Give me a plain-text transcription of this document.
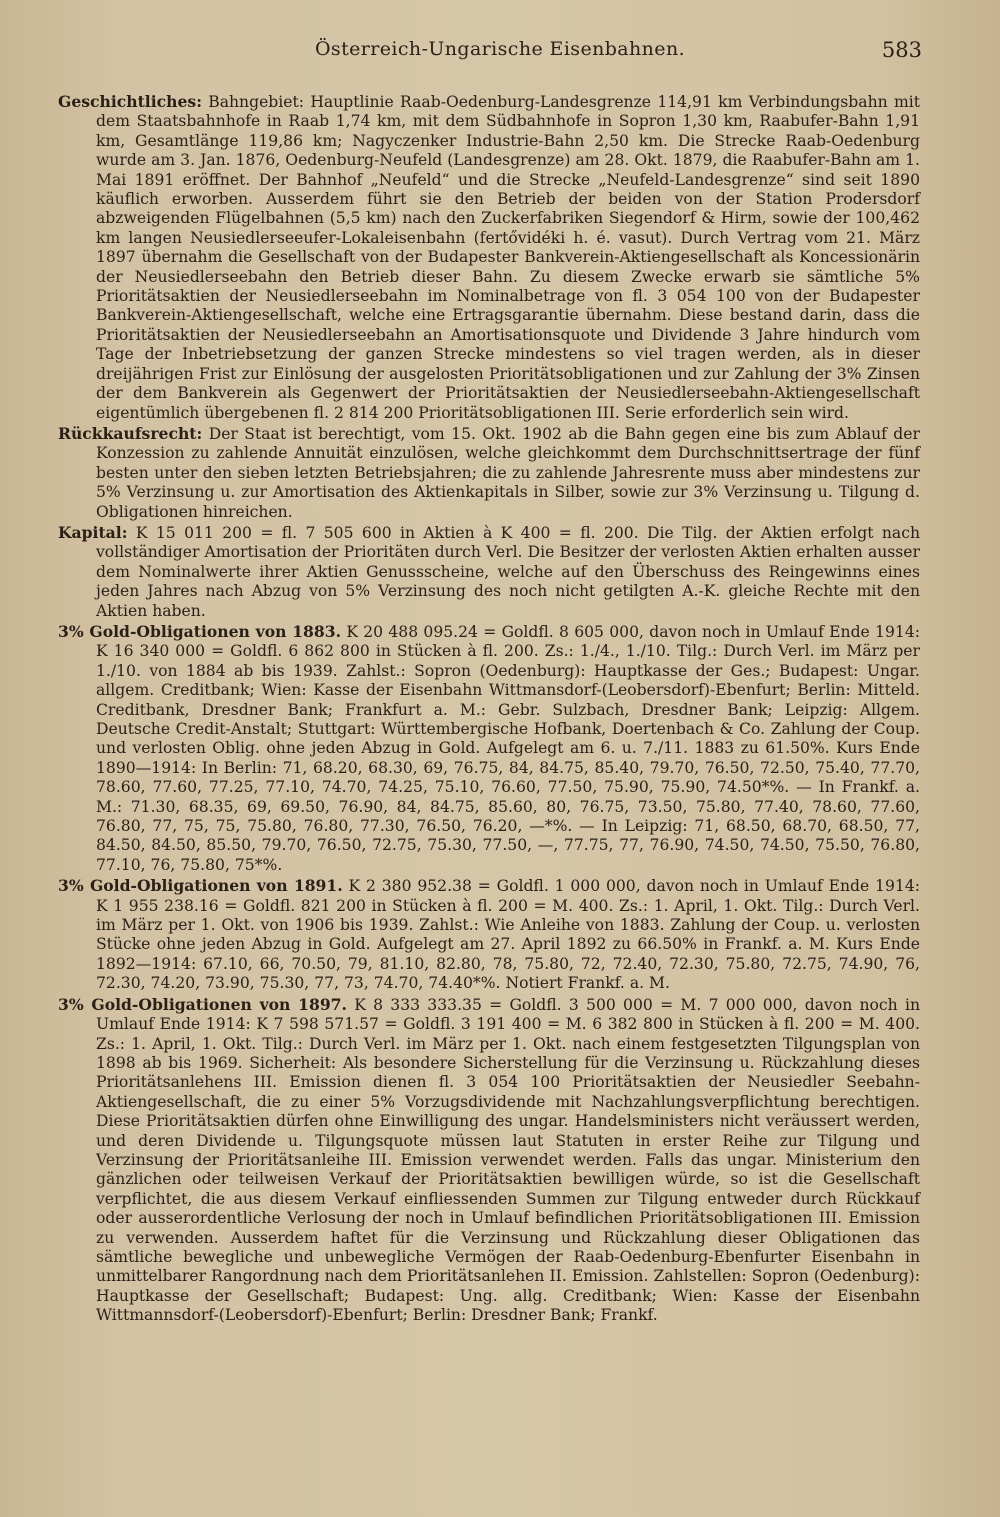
Österreich-Ungarische Eisenbahnen.	583

Geschichtliches: Bahngebiet: Hauptlinie Raab-Oedenburg-Landesgrenze 114,91 km Verbindungsbahn mit dem Staatsbahnhofe in Raab 1,74 km, mit dem Südbahnhofe in Sopron 1,30 km, Raabufer-Bahn 1,91 km, Gesamtlänge 119,86 km; Nagyczenker Industrie-Bahn 2,50 km. Die Strecke Raab-Oedenburg wurde am 3. Jan. 1876, Oedenburg-Neufeld (Landesgrenze) am 28. Okt. 1879, die Raabufer-Bahn am 1. Mai 1891 eröffnet. Der Bahnhof „Neufeld“ und die Strecke „Neufeld-Landesgrenze“ sind seit 1890 käuflich erworben. Ausserdem führt sie den Betrieb der beiden von der Station Prodersdorf abzweigenden Flügelbahnen (5,5 km) nach den Zuckerfabriken Siegendorf & Hirm, sowie der 100,462 km langen Neusiedlerseeufer-Lokaleisenbahn (fertővidéki h. é. vasut). Durch Vertrag vom 21. März 1897 übernahm die Gesellschaft von der Budapester Bankverein-Aktiengesellschaft als Koncessionärin der Neusiedlerseebahn den Betrieb dieser Bahn. Zu diesem Zwecke erwarb sie sämtliche 5% Prioritätsaktien der Neusiedlerseebahn im Nominalbetrage von fl. 3 054 100 von der Budapester Bankverein-Aktiengesellschaft, welche eine Ertragsgarantie übernahm. Diese bestand darin, dass die Prioritätsaktien der Neusiedlerseebahn an Amortisationsquote und Dividende 3 Jahre hindurch vom Tage der Inbetriebsetzung der ganzen Strecke mindestens so viel tragen werden, als in dieser dreijährigen Frist zur Einlösung der ausgelosten Prioritätsobligationen und zur Zahlung der 3% Zinsen der dem Bankverein als Gegenwert der Prioritätsaktien der Neusiedlerseebahn-Aktiengesellschaft eigentümlich übergebenen fl. 2 814 200 Prioritätsobligationen III. Serie erforderlich sein wird.

Rückkaufsrecht: Der Staat ist berechtigt, vom 15. Okt. 1902 ab die Bahn gegen eine bis zum Ablauf der Konzession zu zahlende Annuität einzulösen, welche gleichkommt dem Durchschnittsertrage der fünf besten unter den sieben letzten Betriebsjahren; die zu zahlende Jahresrente muss aber mindestens zur 5% Verzinsung u. zur Amortisation des Aktienkapitals in Silber, sowie zur 3% Verzinsung u. Tilgung d. Obligationen hinreichen.

Kapital: K 15 011 200 = fl. 7 505 600 in Aktien à K 400 = fl. 200. Die Tilg. der Aktien erfolgt nach vollständiger Amortisation der Prioritäten durch Verl. Die Besitzer der verlosten Aktien erhalten ausser dem Nominalwerte ihrer Aktien Genussscheine, welche auf den Überschuss des Reingewinns eines jeden Jahres nach Abzug von 5% Verzinsung des noch nicht getilgten A.-K. gleiche Rechte mit den Aktien haben.

3% Gold-Obligationen von 1883. K 20 488 095.24 = Goldfl. 8 605 000, davon noch in Umlauf Ende 1914: K 16 340 000 = Goldfl. 6 862 800 in Stücken à fl. 200. Zs.: 1./4., 1./10. Tilg.: Durch Verl. im März per 1./10. von 1884 ab bis 1939. Zahlst.: Sopron (Oedenburg): Hauptkasse der Ges.; Budapest: Ungar. allgem. Creditbank; Wien: Kasse der Eisenbahn Wittmansdorf-(Leobersdorf)-Ebenfurt; Berlin: Mitteld. Creditbank, Dresdner Bank; Frankfurt a. M.: Gebr. Sulzbach, Dresdner Bank; Leipzig: Allgem. Deutsche Credit-Anstalt; Stuttgart: Württembergische Hofbank, Doertenbach & Co. Zahlung der Coup. und verlosten Oblig. ohne jeden Abzug in Gold. Aufgelegt am 6. u. 7./11. 1883 zu 61.50%. Kurs Ende 1890—1914: In Berlin: 71, 68.20, 68.30, 69, 76.75, 84, 84.75, 85.40, 79.70, 76.50, 72.50, 75.40, 77.70, 78.60, 77.60, 77.25, 77.10, 74.70, 74.25, 75.10, 76.60, 77.50, 75.90, 75.90, 74.50*%. — In Frankf. a. M.: 71.30, 68.35, 69, 69.50, 76.90, 84, 84.75, 85.60, 80, 76.75, 73.50, 75.80, 77.40, 78.60, 77.60, 76.80, 77, 75, 75, 75.80, 76.80, 77.30, 76.50, 76.20, —*%. — In Leipzig: 71, 68.50, 68.70, 68.50, 77, 84.50, 84.50, 85.50, 79.70, 76.50, 72.75, 75.30, 77.50, —, 77.75, 77, 76.90, 74.50, 74.50, 75.50, 76.80, 77.10, 76, 75.80, 75*%.

3% Gold-Obligationen von 1891. K 2 380 952.38 = Goldfl. 1 000 000, davon noch in Umlauf Ende 1914: K 1 955 238.16 = Goldfl. 821 200 in Stücken à fl. 200 = M. 400. Zs.: 1. April, 1. Okt. Tilg.: Durch Verl. im März per 1. Okt. von 1906 bis 1939. Zahlst.: Wie Anleihe von 1883. Zahlung der Coup. u. verlosten Stücke ohne jeden Abzug in Gold. Aufgelegt am 27. April 1892 zu 66.50% in Frankf. a. M. Kurs Ende 1892—1914: 67.10, 66, 70.50, 79, 81.10, 82.80, 78, 75.80, 72, 72.40, 72.30, 75.80, 72.75, 74.90, 76, 72.30, 74.20, 73.90, 75.30, 77, 73, 74.70, 74.40*%. Notiert Frankf. a. M.

3% Gold-Obligationen von 1897. K 8 333 333.35 = Goldfl. 3 500 000 = M. 7 000 000, davon noch in Umlauf Ende 1914: K 7 598 571.57 = Goldfl. 3 191 400 = M. 6 382 800 in Stücken à fl. 200 = M. 400. Zs.: 1. April, 1. Okt. Tilg.: Durch Verl. im März per 1. Okt. nach einem festgesetzten Tilgungsplan von 1898 ab bis 1969. Sicherheit: Als besondere Sicherstellung für die Verzinsung u. Rückzahlung dieses Prioritätsanlehens III. Emission dienen fl. 3 054 100 Prioritätsaktien der Neusiedler Seebahn-Aktiengesellschaft, die zu einer 5% Vorzugsdividende mit Nachzahlungsverpflichtung berechtigen. Diese Prioritätsaktien dürfen ohne Einwilligung des ungar. Handelsministers nicht veräussert werden, und deren Dividende u. Tilgungsquote müssen laut Statuten in erster Reihe zur Tilgung und Verzinsung der Prioritätsanleihe III. Emission verwendet werden. Falls das ungar. Ministerium den gänzlichen oder teilweisen Verkauf der Prioritätsaktien bewilligen würde, so ist die Gesellschaft verpflichtet, die aus diesem Verkauf einfliessenden Summen zur Tilgung entweder durch Rückkauf oder ausserordentliche Verlosung der noch in Umlauf befindlichen Prioritätsobligationen III. Emission zu verwenden. Ausserdem haftet für die Verzinsung und Rückzahlung dieser Obligationen das sämtliche bewegliche und unbewegliche Vermögen der Raab-Oedenburg-Ebenfurter Eisenbahn in unmittelbarer Rangordnung nach dem Prioritätsanlehen II. Emission. Zahlstellen: Sopron (Oedenburg): Hauptkasse der Gesellschaft; Budapest: Ung. allg. Creditbank; Wien: Kasse der Eisenbahn Wittmannsdorf-(Leobersdorf)-Ebenfurt; Berlin: Dresdner Bank; Frankf.
